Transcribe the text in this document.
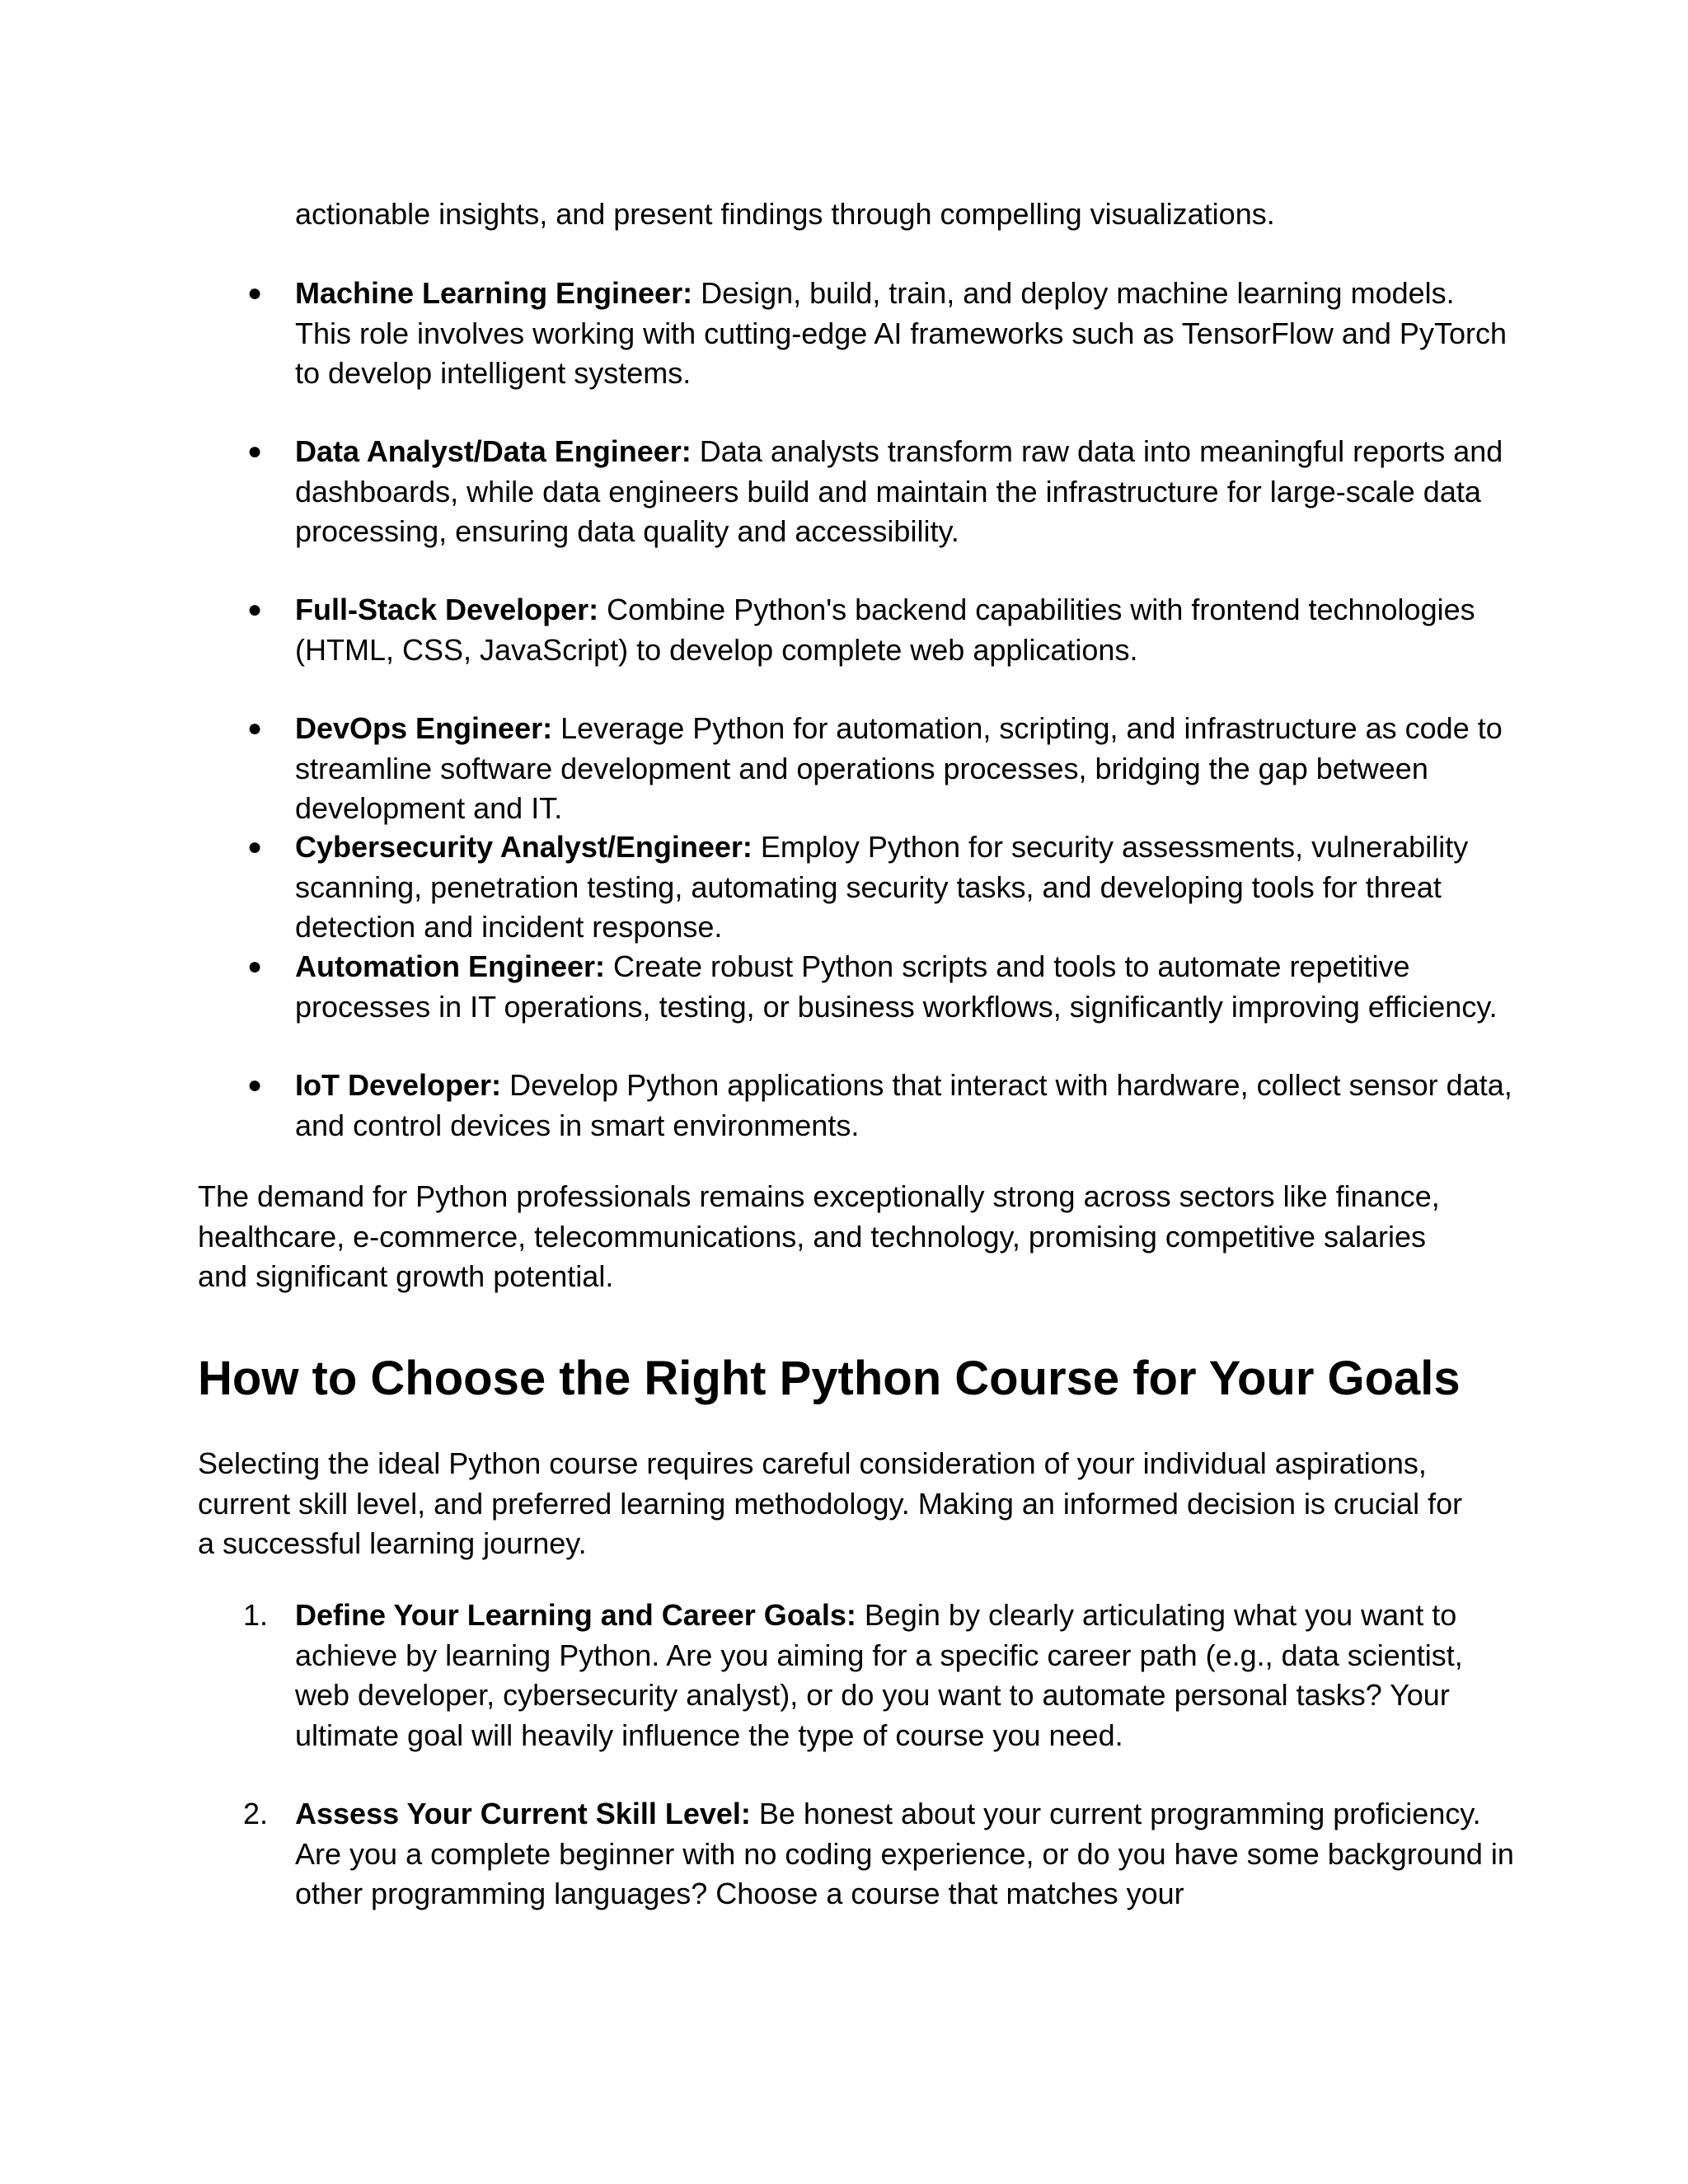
actionable insights, and present findings through compelling visualizations.
● Machine Learning Engineer: Design, build, train, and deploy machine learning models. This role involves working with cutting-edge AI frameworks such as TensorFlow and PyTorch to develop intelligent systems.
● Data Analyst/Data Engineer: Data analysts transform raw data into meaningful reports and dashboards, while data engineers build and maintain the infrastructure for large-scale data processing, ensuring data quality and accessibility.
● Full-Stack Developer: Combine Python's backend capabilities with frontend technologies (HTML, CSS, JavaScript) to develop complete web applications.
● DevOps Engineer: Leverage Python for automation, scripting, and infrastructure as code to streamline software development and operations processes, bridging the gap between development and IT.
● Cybersecurity Analyst/Engineer: Employ Python for security assessments, vulnerability scanning, penetration testing, automating security tasks, and developing tools for threat detection and incident response.
● Automation Engineer: Create robust Python scripts and tools to automate repetitive processes in IT operations, testing, or business workflows, significantly improving efficiency.
● IoT Developer: Develop Python applications that interact with hardware, collect sensor data, and control devices in smart environments.
The demand for Python professionals remains exceptionally strong across sectors like finance, healthcare, e-commerce, telecommunications, and technology, promising competitive salaries and significant growth potential.
How to Choose the Right Python Course for Your Goals
Selecting the ideal Python course requires careful consideration of your individual aspirations, current skill level, and preferred learning methodology. Making an informed decision is crucial for a successful learning journey.
1. Define Your Learning and Career Goals: Begin by clearly articulating what you want to achieve by learning Python. Are you aiming for a specific career path (e.g., data scientist, web developer, cybersecurity analyst), or do you want to automate personal tasks? Your ultimate goal will heavily influence the type of course you need.
2. Assess Your Current Skill Level: Be honest about your current programming proficiency. Are you a complete beginner with no coding experience, or do you have some background in other programming languages? Choose a course that matches your
